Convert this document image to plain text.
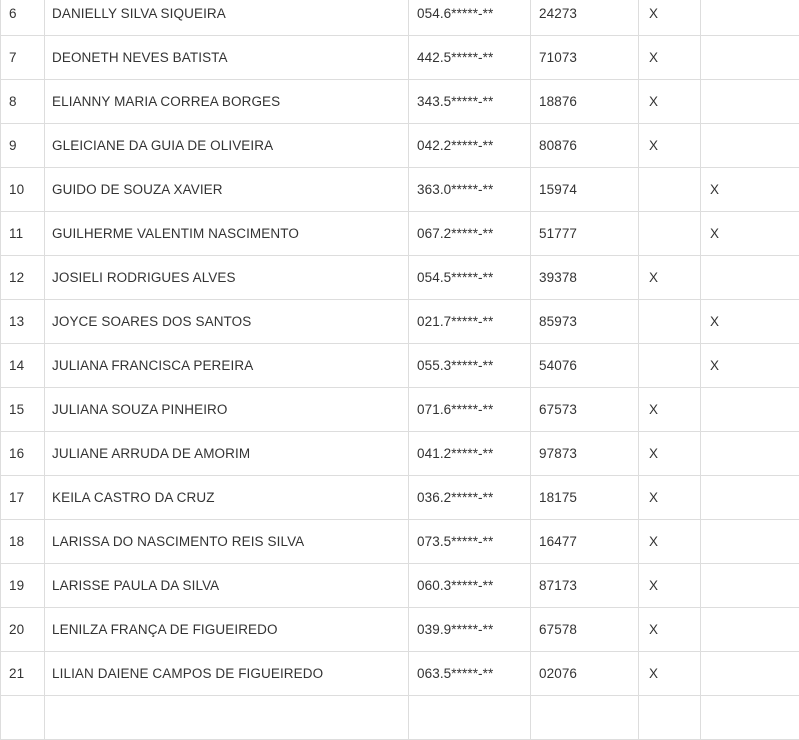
6	DANIELLY SILVA SIQUEIRA	054.6*****-**	24273	X	
7	DEONETH NEVES BATISTA	442.5*****-**	71073	X	
8	ELIANNY MARIA CORREA BORGES	343.5*****-**	18876	X	
9	GLEICIANE DA GUIA DE OLIVEIRA	042.2*****-**	80876	X	
10	GUIDO DE SOUZA XAVIER	363.0*****-**	15974		X
11	GUILHERME VALENTIM NASCIMENTO	067.2*****-**	51777		X
12	JOSIELI RODRIGUES ALVES	054.5*****-**	39378	X	
13	JOYCE SOARES DOS SANTOS	021.7*****-**	85973		X
14	JULIANA FRANCISCA PEREIRA	055.3*****-**	54076		X
15	JULIANA SOUZA PINHEIRO	071.6*****-**	67573	X	
16	JULIANE ARRUDA DE AMORIM	041.2*****-**	97873	X	
17	KEILA CASTRO DA CRUZ	036.2*****-**	18175	X	
18	LARISSA DO NASCIMENTO REIS SILVA	073.5*****-**	16477	X	
19	LARISSE PAULA DA SILVA	060.3*****-**	87173	X	
20	LENILZA FRANÇA DE FIGUEIREDO	039.9*****-**	67578	X	
21	LILIAN DAIENE CAMPOS DE FIGUEIREDO	063.5*****-**	02076	X	
